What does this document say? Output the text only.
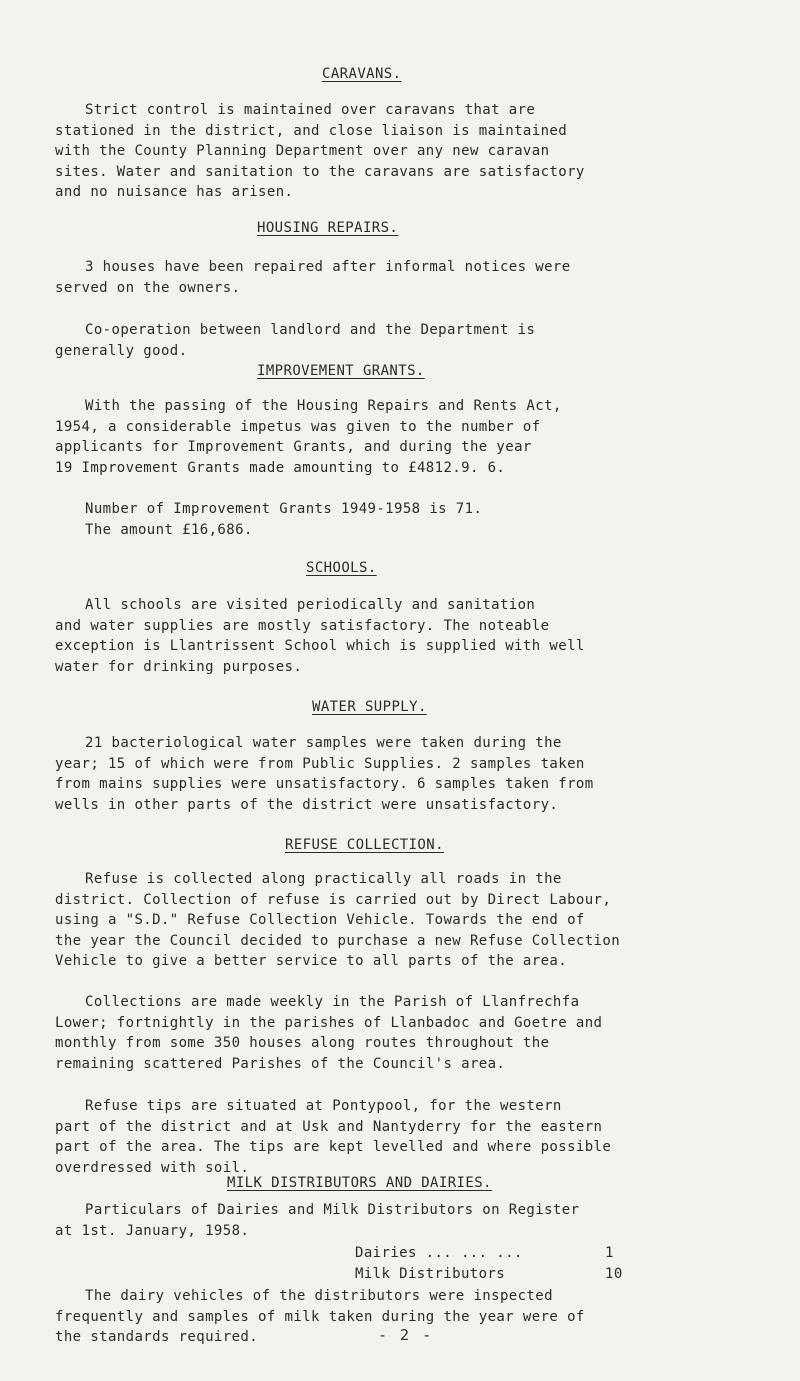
CARAVANS.

Strict control is maintained over caravans that are
stationed in the district, and close liaison is maintained
with the County Planning Department over any new caravan
sites. Water and sanitation to the caravans are satisfactory
and no nuisance has arisen.

HOUSING REPAIRS.

3 houses have been repaired after informal notices were
served on the owners.

Co-operation between landlord and the Department is
generally good.

IMPROVEMENT GRANTS.

With the passing of the Housing Repairs and Rents Act,
1954, a considerable impetus was given to the number of
applicants for Improvement Grants, and during the year
19 Improvement Grants made amounting to £4812.9. 6.

Number of Improvement Grants 1949-1958 is 71.
The amount £16,686.

SCHOOLS.

All schools are visited periodically and sanitation
and water supplies are mostly satisfactory. The noteable
exception is Llantrissent School which is supplied with well
water for drinking purposes.

WATER SUPPLY.

21 bacteriological water samples were taken during the
year; 15 of which were from Public Supplies. 2 samples taken
from mains supplies were unsatisfactory. 6 samples taken from
wells in other parts of the district were unsatisfactory.

REFUSE COLLECTION.

Refuse is collected along practically all roads in the
district. Collection of refuse is carried out by Direct Labour,
using a "S.D." Refuse Collection Vehicle. Towards the end of
the year the Council decided to purchase a new Refuse Collection
Vehicle to give a better service to all parts of the area.

Collections are made weekly in the Parish of Llanfrechfa
Lower; fortnightly in the parishes of Llanbadoc and Goetre and
monthly from some 350 houses along routes throughout the
remaining scattered Parishes of the Council's area.

Refuse tips are situated at Pontypool, for the western
part of the district and at Usk and Nantyderry for the eastern
part of the area. The tips are kept levelled and where possible
overdressed with soil.

MILK DISTRIBUTORS AND DAIRIES.

Particulars of Dairies and Milk Distributors on Register
at 1st. January, 1958.

Dairies ... ... ...	1
Milk Distributors	10

The dairy vehicles of the distributors were inspected
frequently and samples of milk taken during the year were of
the standards required.	- 2 -
